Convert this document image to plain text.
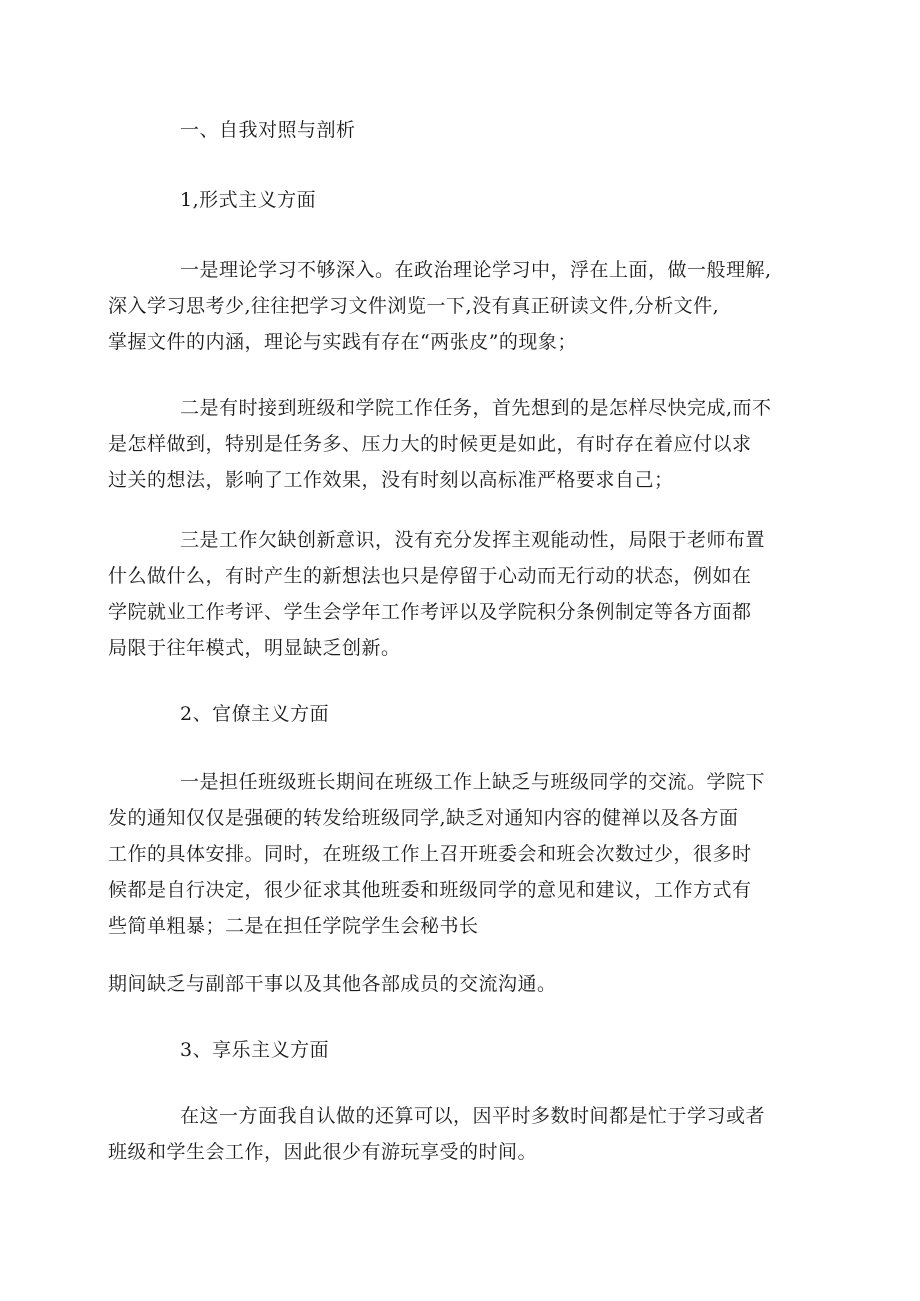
一、自我对照与剖析
1,形式主义方面
一是理论学习不够深入。在政治理论学习中，浮在上面，做一般理解,
深入学习思考少,往往把学习文件浏览一下,没有真正研读文件,分析文件,
掌握文件的内涵，理论与实践有存在“两张皮”的现象；
二是有时接到班级和学院工作任务，首先想到的是怎样尽快完成,而不
是怎样做到，特别是任务多、压力大的时候更是如此，有时存在着应付以求
过关的想法，影响了工作效果，没有时刻以高标准严格要求自己；
三是工作欠缺创新意识，没有充分发挥主观能动性，局限于老师布置
什么做什么，有时产生的新想法也只是停留于心动而无行动的状态，例如在
学院就业工作考评、学生会学年工作考评以及学院积分条例制定等各方面都
局限于往年模式，明显缺乏创新。
2、官僚主义方面
一是担任班级班长期间在班级工作上缺乏与班级同学的交流。学院下
发的通知仅仅是强硬的转发给班级同学,缺乏对通知内容的健禅以及各方面
工作的具体安排。同时，在班级工作上召开班委会和班会次数过少，很多时
候都是自行决定，很少征求其他班委和班级同学的意见和建议，工作方式有
些简单粗暴；二是在担任学院学生会秘书长
期间缺乏与副部干事以及其他各部成员的交流沟通。
3、享乐主义方面
在这一方面我自认做的还算可以，因平时多数时间都是忙于学习或者
班级和学生会工作，因此很少有游玩享受的时间。
